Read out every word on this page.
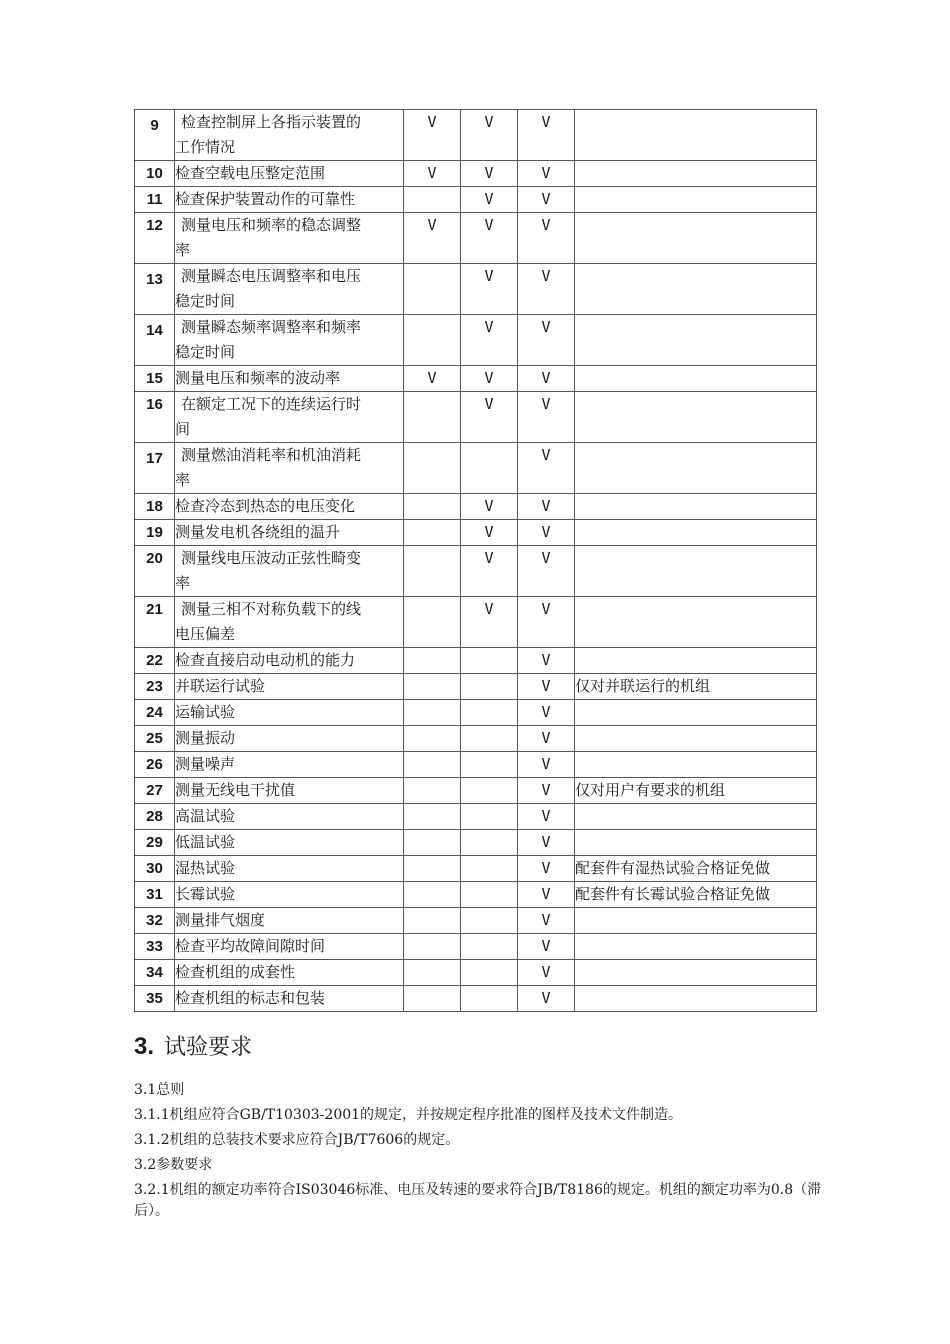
9	检查控制屏上各指示装置的
工作情况	V	V	V	
10	检查空载电压整定范围	V	V	V	
11	检查保护装置动作的可靠性		V	V	
12	测量电压和频率的稳态调整
率	V	V	V	
13	测量瞬态电压调整率和电压
稳定时间		V	V	
14	测量瞬态频率调整率和频率
稳定时间		V	V	
15	测量电压和频率的波动率	V	V	V	
16	在额定工况下的连续运行时
间		V	V	
17	测量燃油消耗率和机油消耗
率			V	
18	检查冷态到热态的电压变化		V	V	
19	测量发电机各绕组的温升		V	V	
20	测量线电压波动正弦性畸变
率		V	V	
21	测量三相不对称负载下的线
电压偏差		V	V	
22	检查直接启动电动机的能力			V	
23	并联运行试验			V	仅对并联运行的机组
24	运输试验			V	
25	测量振动			V	
26	测量噪声			V	
27	测量无线电干扰值			V	仅对用户有要求的机组
28	高温试验			V	
29	低温试验			V	
30	湿热试验			V	配套件有湿热试验合格证免做
31	长霉试验			V	配套件有长霉试验合格证免做
32	测量排气烟度			V	
33	检查平均故障间隙时间			V	
34	检查机组的成套性			V	
35	检查机组的标志和包装			V	
3. 试验要求
3.1总则
3.1.1机组应符合GB/T10303-2001的规定，并按规定程序批准的图样及技术文件制造。
3.1.2机组的总装技术要求应符合JB/T7606的规定。
3.2参数要求
3.2.1机组的额定功率符合IS03046标准、电压及转速的要求符合JB/T8186的规定。机组的额定功率为0.8（滞后）。
